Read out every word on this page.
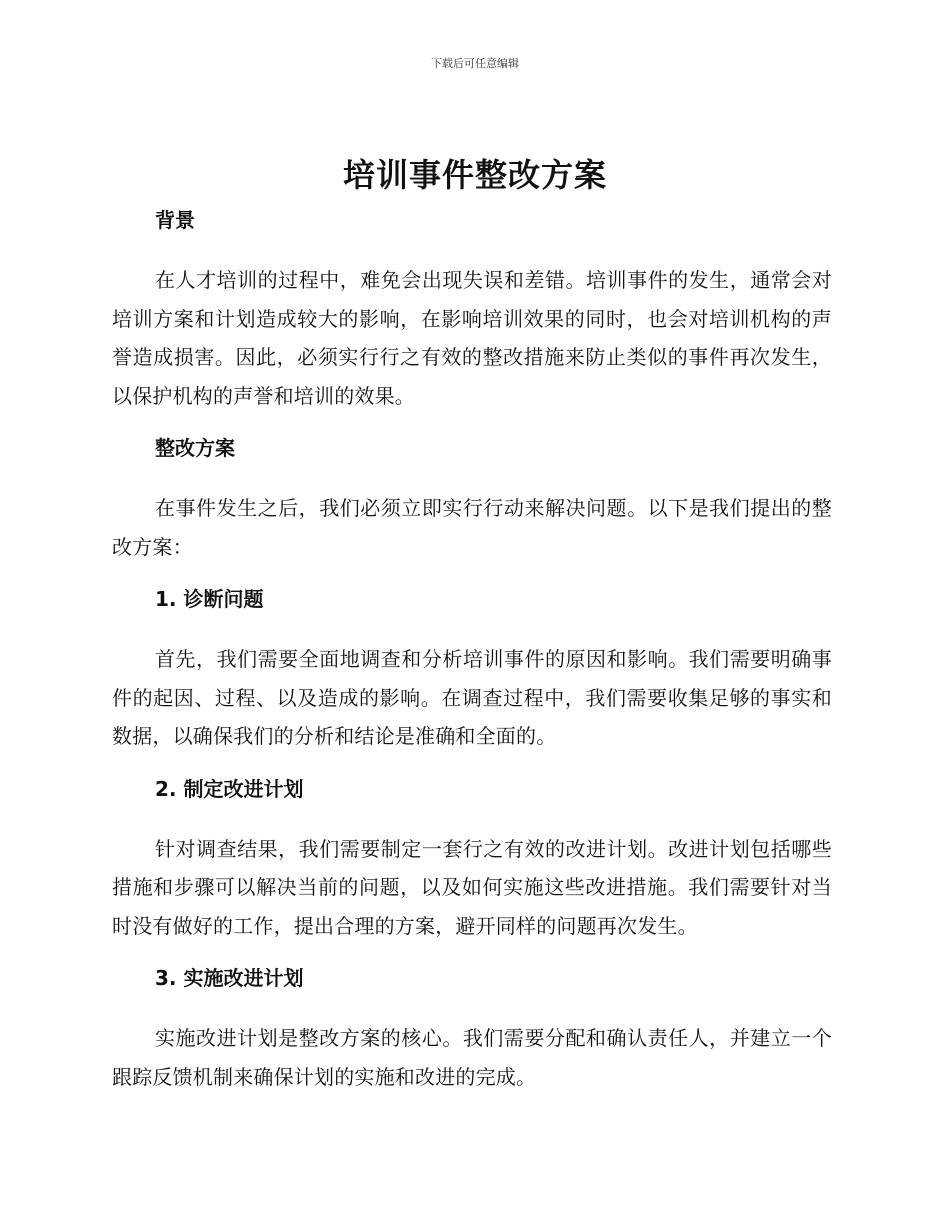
下载后可任意编辑
培训事件整改方案
背景

在人才培训的过程中，难免会出现失误和差错。培训事件的发生，通常会对培训方案和计划造成较大的影响，在影响培训效果的同时，也会对培训机构的声誉造成损害。因此，必须实行行之有效的整改措施来防止类似的事件再次发生，以保护机构的声誉和培训的效果。

整改方案

在事件发生之后，我们必须立即实行行动来解决问题。以下是我们提出的整改方案：

1. 诊断问题

首先，我们需要全面地调查和分析培训事件的原因和影响。我们需要明确事件的起因、过程、以及造成的影响。在调查过程中，我们需要收集足够的事实和数据，以确保我们的分析和结论是准确和全面的。

2. 制定改进计划

针对调查结果，我们需要制定一套行之有效的改进计划。改进计划包括哪些措施和步骤可以解决当前的问题，以及如何实施这些改进措施。我们需要针对当时没有做好的工作，提出合理的方案，避开同样的问题再次发生。

3. 实施改进计划

实施改进计划是整改方案的核心。我们需要分配和确认责任人，并建立一个跟踪反馈机制来确保计划的实施和改进的完成。
